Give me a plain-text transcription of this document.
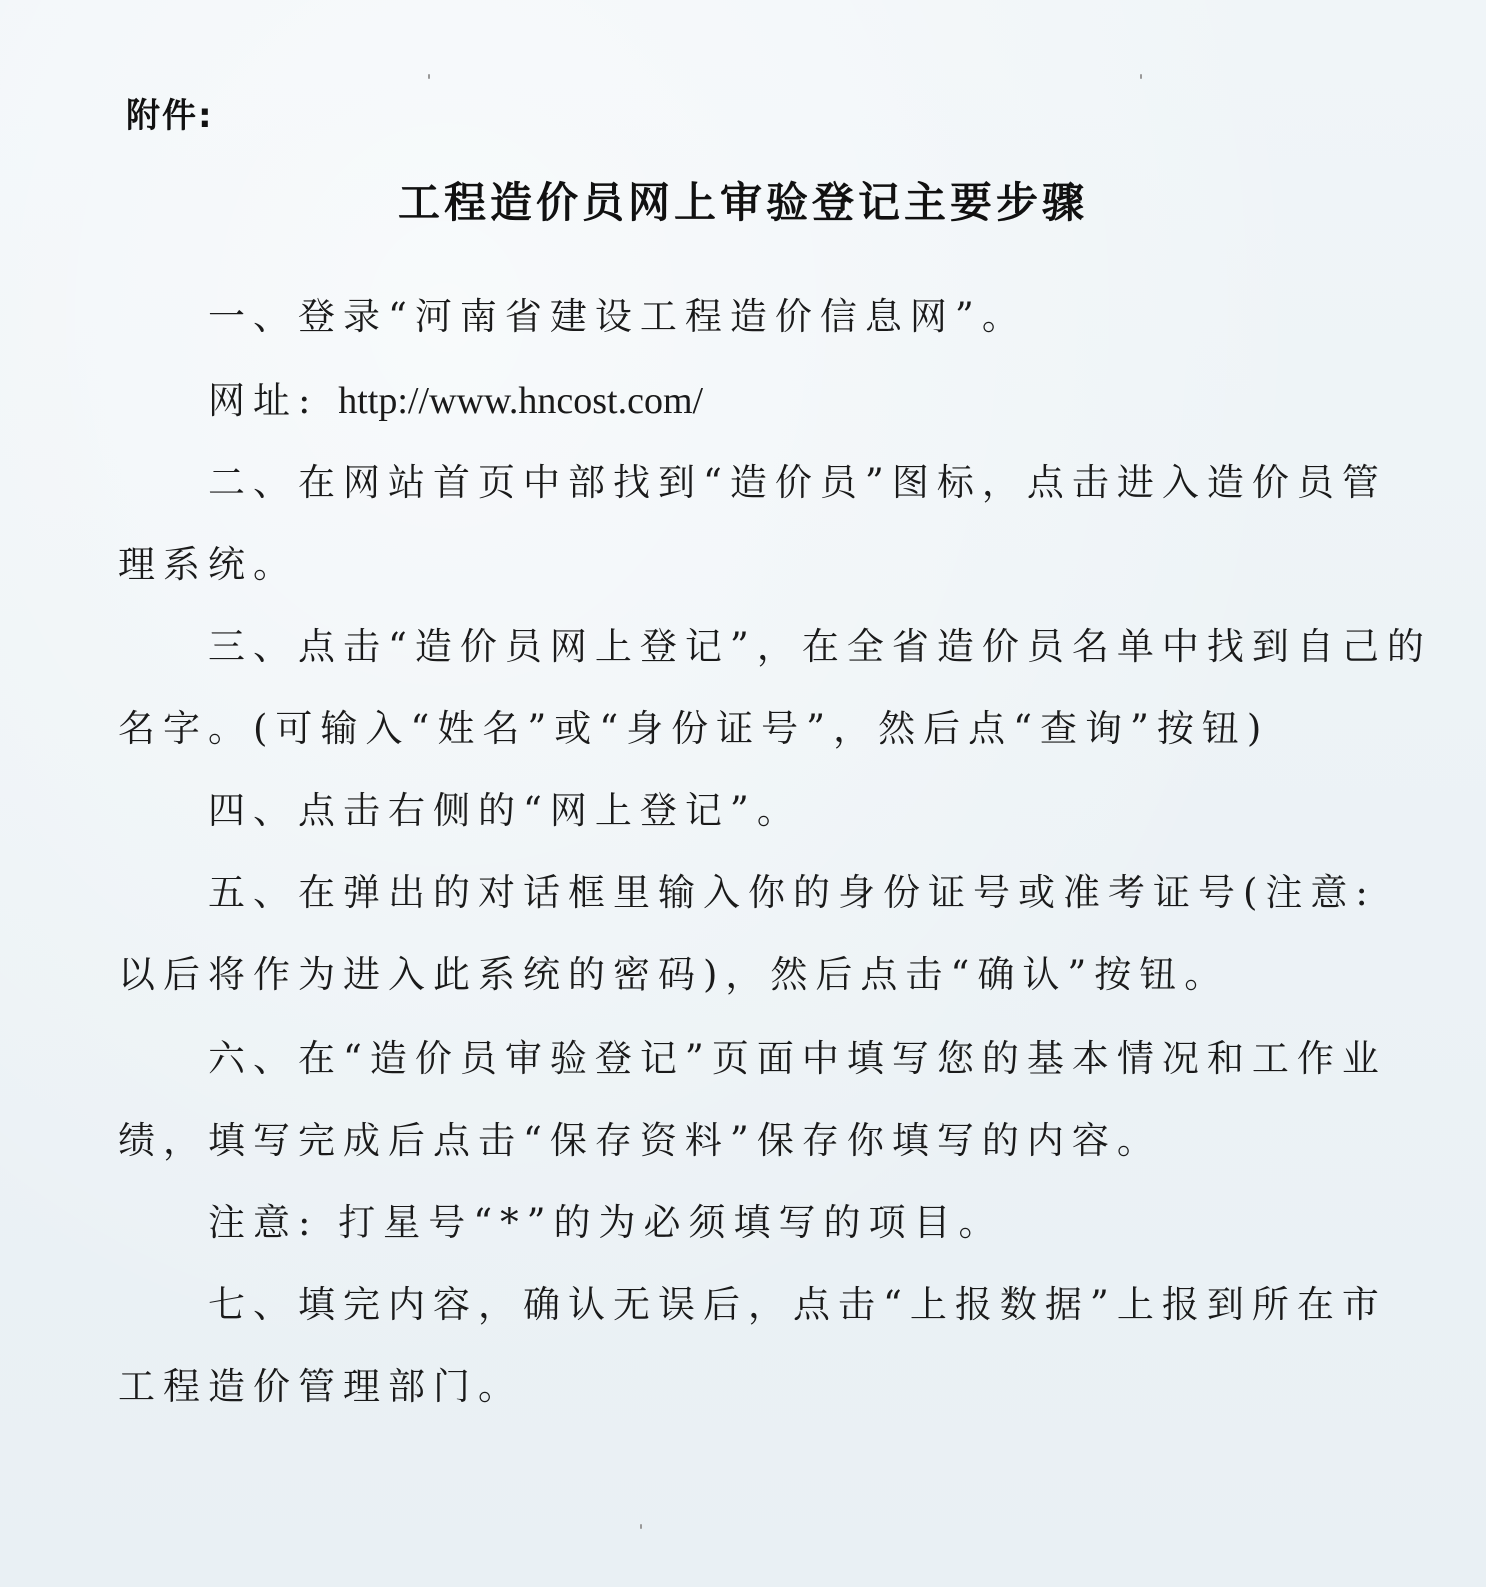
附件:
工程造价员网上审验登记主要步骤
一、登录“河南省建设工程造价信息网”。
网址: http://www.hncost.com/
二、在网站首页中部找到“造价员”图标，点击进入造价员管
理系统。
三、点击“造价员网上登记”，在全省造价员名单中找到自己的
名字。(可输入“姓名”或“身份证号”，然后点“查询”按钮)
四、点击右侧的“网上登记”。
五、在弹出的对话框里输入你的身份证号或准考证号(注意:
以后将作为进入此系统的密码)，然后点击“确认”按钮。
六、在“造价员审验登记”页面中填写您的基本情况和工作业
绩，填写完成后点击“保存资料”保存你填写的内容。
注意: 打星号“*”的为必须填写的项目。
七、填完内容，确认无误后，点击“上报数据”上报到所在市
工程造价管理部门。
